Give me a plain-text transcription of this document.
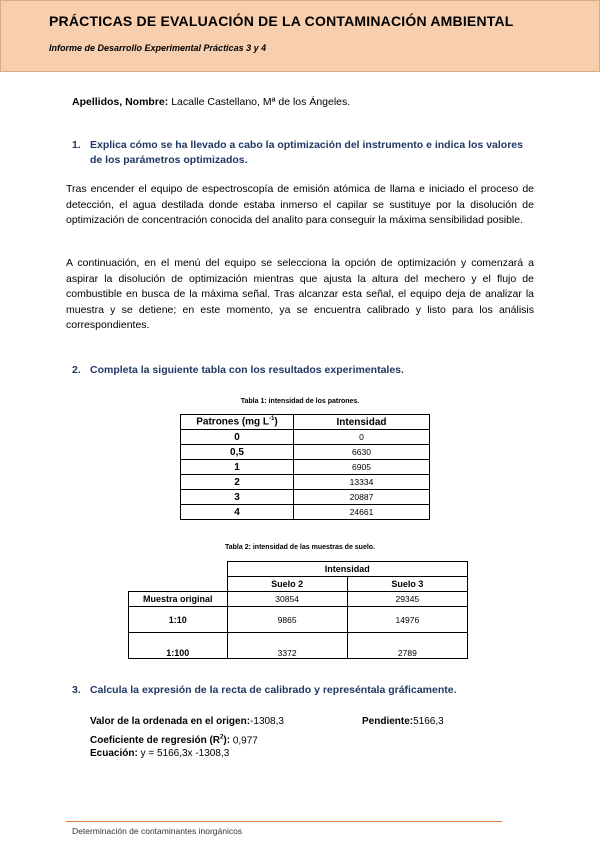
PRÁCTICAS DE EVALUACIÓN DE LA CONTAMINACIÓN AMBIENTAL
Informe de Desarrollo Experimental Prácticas 3 y 4
Apellidos, Nombre: Lacalle Castellano, Mª de los Ángeles.
1. Explica cómo se ha llevado a cabo la optimización del instrumento e indica los valores
de los parámetros optimizados.
Tras encender el equipo de espectroscopía de emisión atómica de llama e iniciado el proceso de detección, el agua destilada donde estaba inmerso el capilar se sustituye por la disolución de optimización de concentración conocida del analito para conseguir la máxima sensibilidad posible.
A continuación, en el menú del equipo se selecciona la opción de optimización y comenzará a aspirar la disolución de optimización mientras que ajusta la altura del mechero y el flujo de combustible en busca de la máxima señal. Tras alcanzar esta señal, el equipo deja de analizar la muestra y se detiene; en este momento, ya se encuentra calibrado y listo para los análisis correspondientes.
2. Completa la siguiente tabla con los resultados experimentales.
Tabla 1: intensidad de los patrones.
Patrones (mg $L^{-1}$)	Intensidad
0	0
0,5	6630
1	6905
2	13334
3	20887
4	24661
Tabla 2: intensidad de las muestras de suelo.
	Intensidad	
	Suelo 2	Suelo 3
Muestra original	30854	29345
1:10	9865	14976
1:100	3372	2789
3. Calcula la expresión de la recta de calibrado y represéntala gráficamente.
Valor de la ordenada en el origen:-1308,3	Pendiente:5166,3
Coeficiente de regresión $(R^2)$: 0,977
Ecuación: y = 5166,3x -1308,3
Determinación de contaminantes inorgánicos
